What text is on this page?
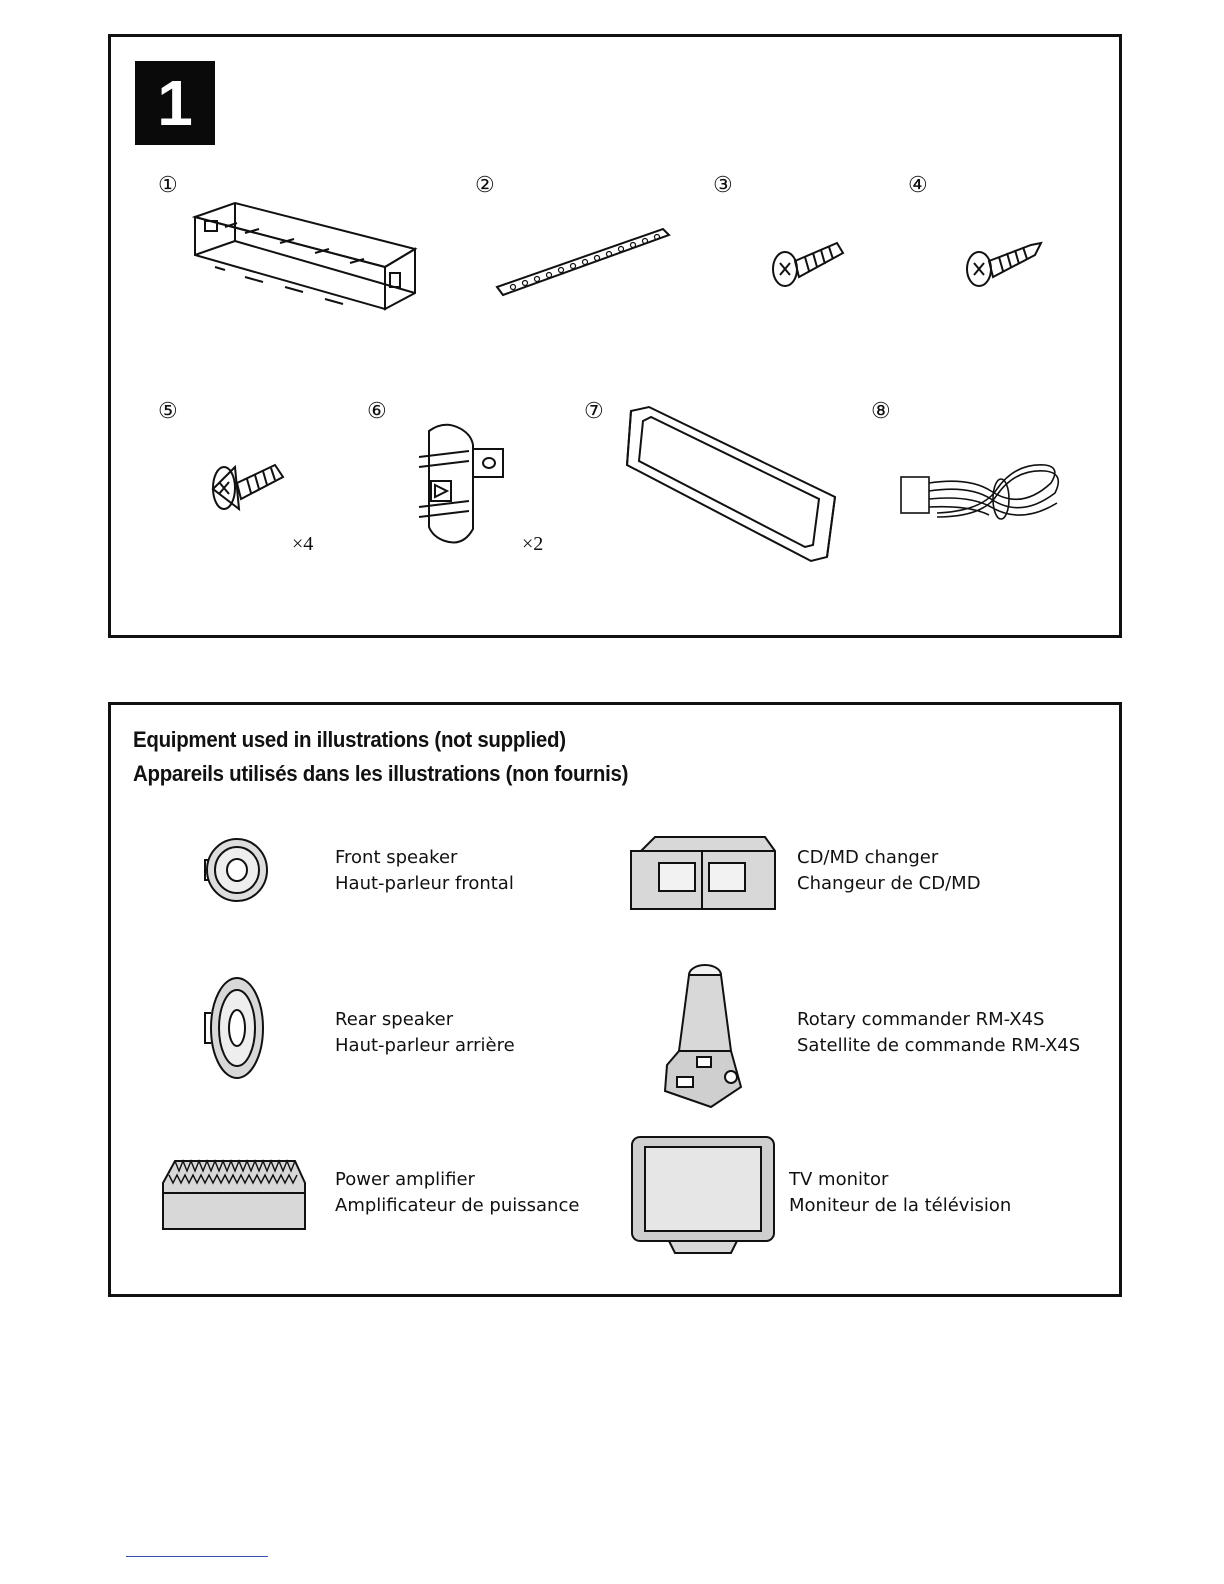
1
①	②	③	④
⑤
×4
⑥
×2
⑦	⑧
Equipment used in illustrations (not supplied)
Appareils utilisés dans les illustrations (non fournis)
Front speaker
Haut-parleur frontal
CD/MD changer
Changeur de CD/MD
Rear speaker
Haut-parleur arrière
Rotary commander RM-X4S
Satellite de commande RM-X4S
Power amplifier
Amplificateur de puissance
TV monitor
Moniteur de la télévision
